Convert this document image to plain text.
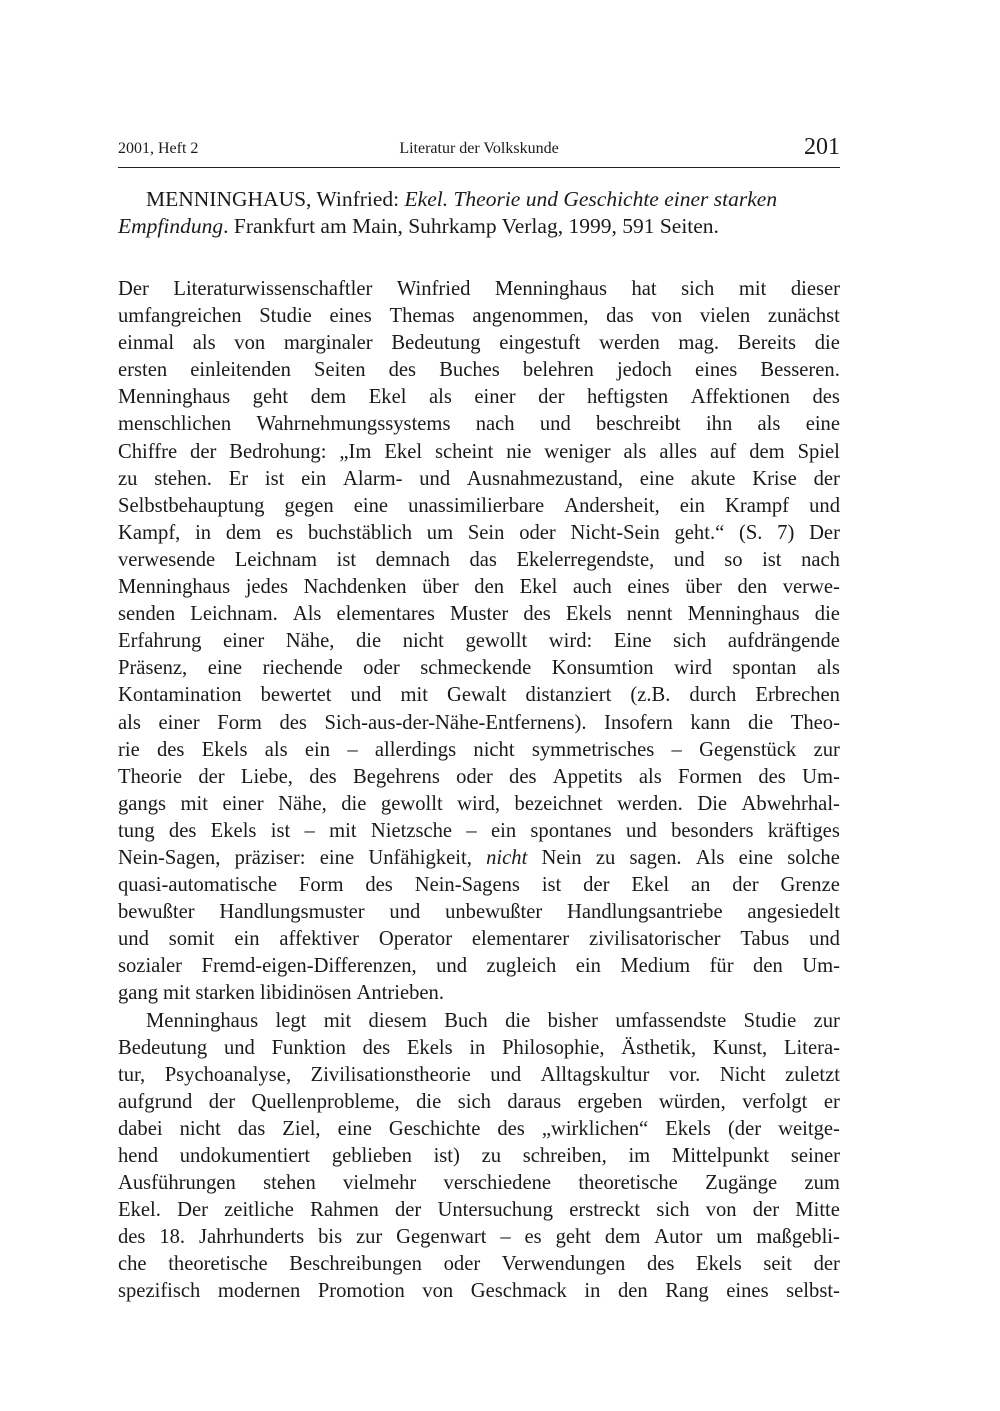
2001, Heft 2	Literatur der Volkskunde	201
MENNINGHAUS, Winfried: Ekel. Theorie und Geschichte einer starken
Empfindung. Frankfurt am Main, Suhrkamp Verlag, 1999, 591 Seiten.
Der Literaturwissenschaftler Winfried Menninghaus hat sich mit dieser
umfangreichen Studie eines Themas angenommen, das von vielen zunächst
einmal als von marginaler Bedeutung eingestuft werden mag. Bereits die
ersten einleitenden Seiten des Buches belehren jedoch eines Besseren.
Menninghaus geht dem Ekel als einer der heftigsten Affektionen des
menschlichen Wahrnehmungssystems nach und beschreibt ihn als eine
Chiffre der Bedrohung: „Im Ekel scheint nie weniger als alles auf dem Spiel
zu stehen. Er ist ein Alarm- und Ausnahmezustand, eine akute Krise der
Selbstbehauptung gegen eine unassimilierbare Andersheit, ein Krampf und
Kampf, in dem es buchstäblich um Sein oder Nicht-Sein geht.“ (S. 7) Der
verwesende Leichnam ist demnach das Ekelerregendste, und so ist nach
Menninghaus jedes Nachdenken über den Ekel auch eines über den verwe-
senden Leichnam. Als elementares Muster des Ekels nennt Menninghaus die
Erfahrung einer Nähe, die nicht gewollt wird: Eine sich aufdrängende
Präsenz, eine riechende oder schmeckende Konsumtion wird spontan als
Kontamination bewertet und mit Gewalt distanziert (z.B. durch Erbrechen
als einer Form des Sich-aus-der-Nähe-Entfernens). Insofern kann die Theo-
rie des Ekels als ein – allerdings nicht symmetrisches – Gegenstück zur
Theorie der Liebe, des Begehrens oder des Appetits als Formen des Um-
gangs mit einer Nähe, die gewollt wird, bezeichnet werden. Die Abwehrhal-
tung des Ekels ist – mit Nietzsche – ein spontanes und besonders kräftiges
Nein-Sagen, präziser: eine Unfähigkeit, nicht Nein zu sagen. Als eine solche
quasi-automatische Form des Nein-Sagens ist der Ekel an der Grenze
bewußter Handlungsmuster und unbewußter Handlungsantriebe angesiedelt
und somit ein affektiver Operator elementarer zivilisatorischer Tabus und
sozialer Fremd-eigen-Differenzen, und zugleich ein Medium für den Um-
gang mit starken libidinösen Antrieben.
Menninghaus legt mit diesem Buch die bisher umfassendste Studie zur
Bedeutung und Funktion des Ekels in Philosophie, Ästhetik, Kunst, Litera-
tur, Psychoanalyse, Zivilisationstheorie und Alltagskultur vor. Nicht zuletzt
aufgrund der Quellenprobleme, die sich daraus ergeben würden, verfolgt er
dabei nicht das Ziel, eine Geschichte des „wirklichen“ Ekels (der weitge-
hend undokumentiert geblieben ist) zu schreiben, im Mittelpunkt seiner
Ausführungen stehen vielmehr verschiedene theoretische Zugänge zum
Ekel. Der zeitliche Rahmen der Untersuchung erstreckt sich von der Mitte
des 18. Jahrhunderts bis zur Gegenwart – es geht dem Autor um maßgebli-
che theoretische Beschreibungen oder Verwendungen des Ekels seit der
spezifisch modernen Promotion von Geschmack in den Rang eines selbst-
